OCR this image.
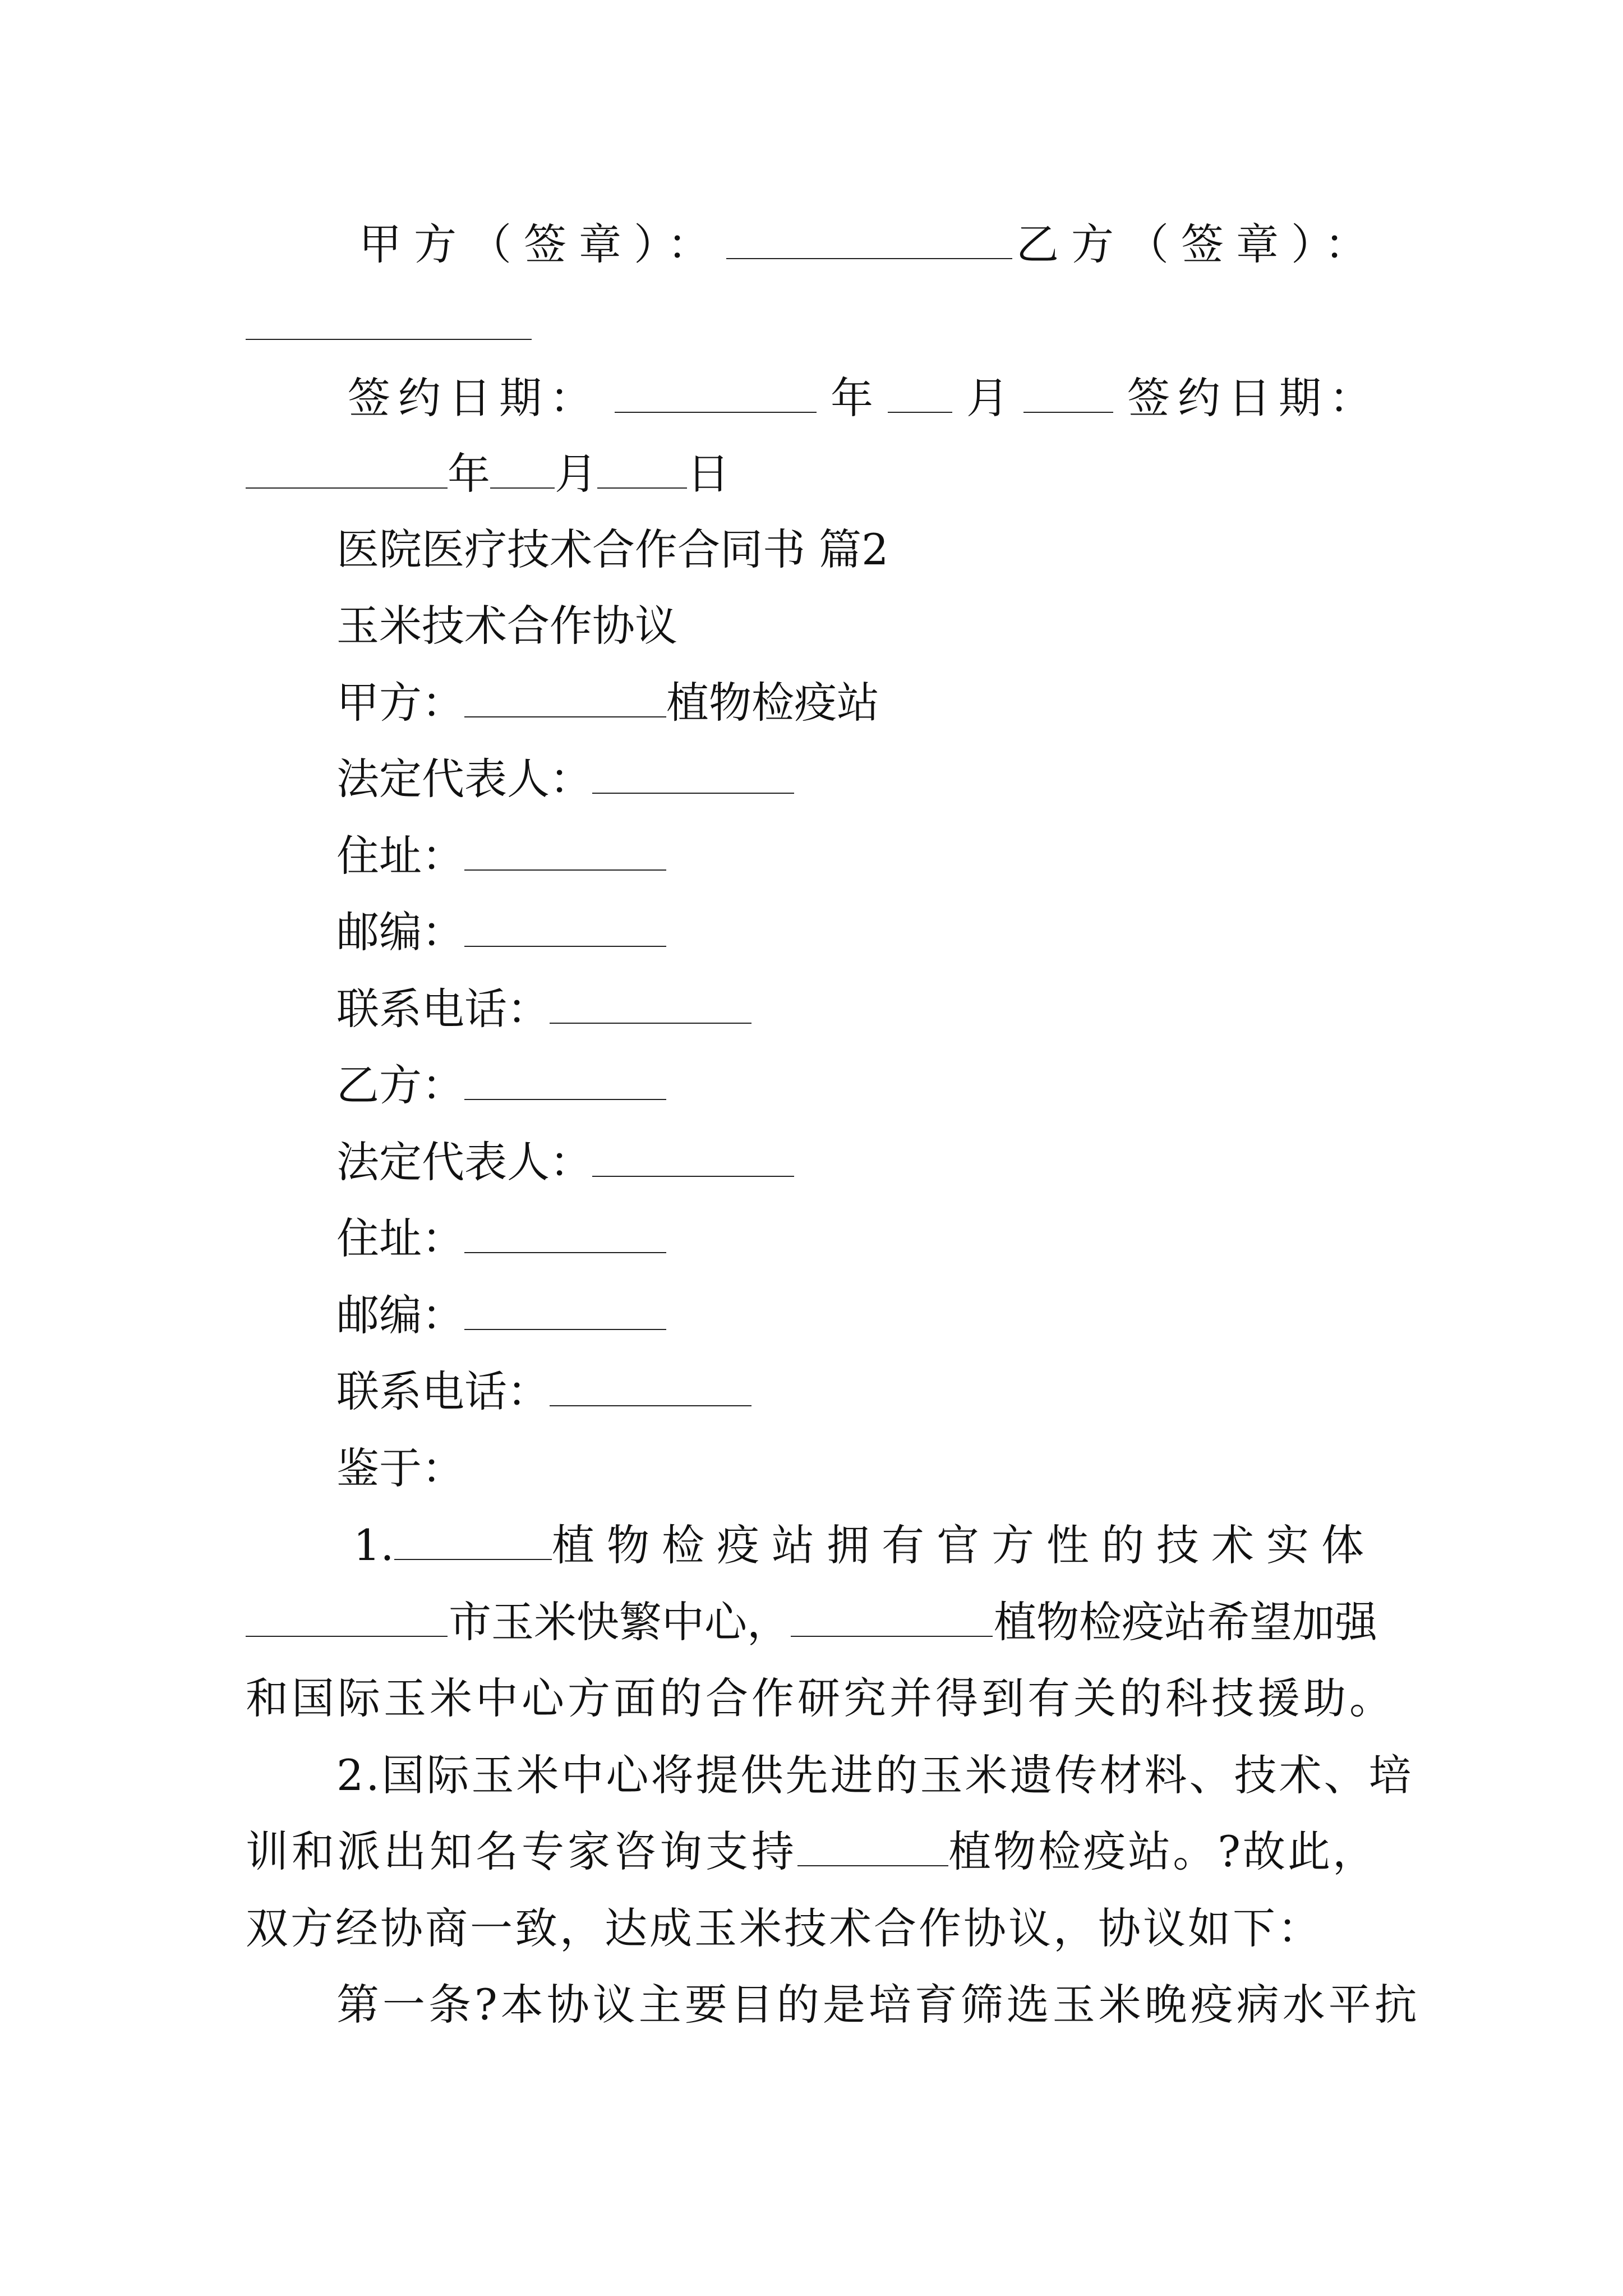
甲方（签章）：	乙方（签章）：
签约日期：	年 月	签约日期：
年 月 日
医院医疗技术合作合同书 篇2
玉米技术合作协议
甲方：	植物检疫站
法定代表人：
住址：
邮编：
联系电话：
乙方：
法定代表人：
住址：
邮编：
联系电话：
鉴于：
1.	植物检疫站拥有官方性的技术实体
市玉米快繁中心，	植物检疫站希望加强
和国际玉米中心方面的合作研究并得到有关的科技援助。
2.国际玉米中心将提供先进的玉米遗传材料、技术、培
训和派出知名专家咨询支持	植物检疫站。?故此，
双方经协商一致，达成玉米技术合作协议，协议如下：
第一条?本协议主要目的是培育筛选玉米晚疫病水平抗
